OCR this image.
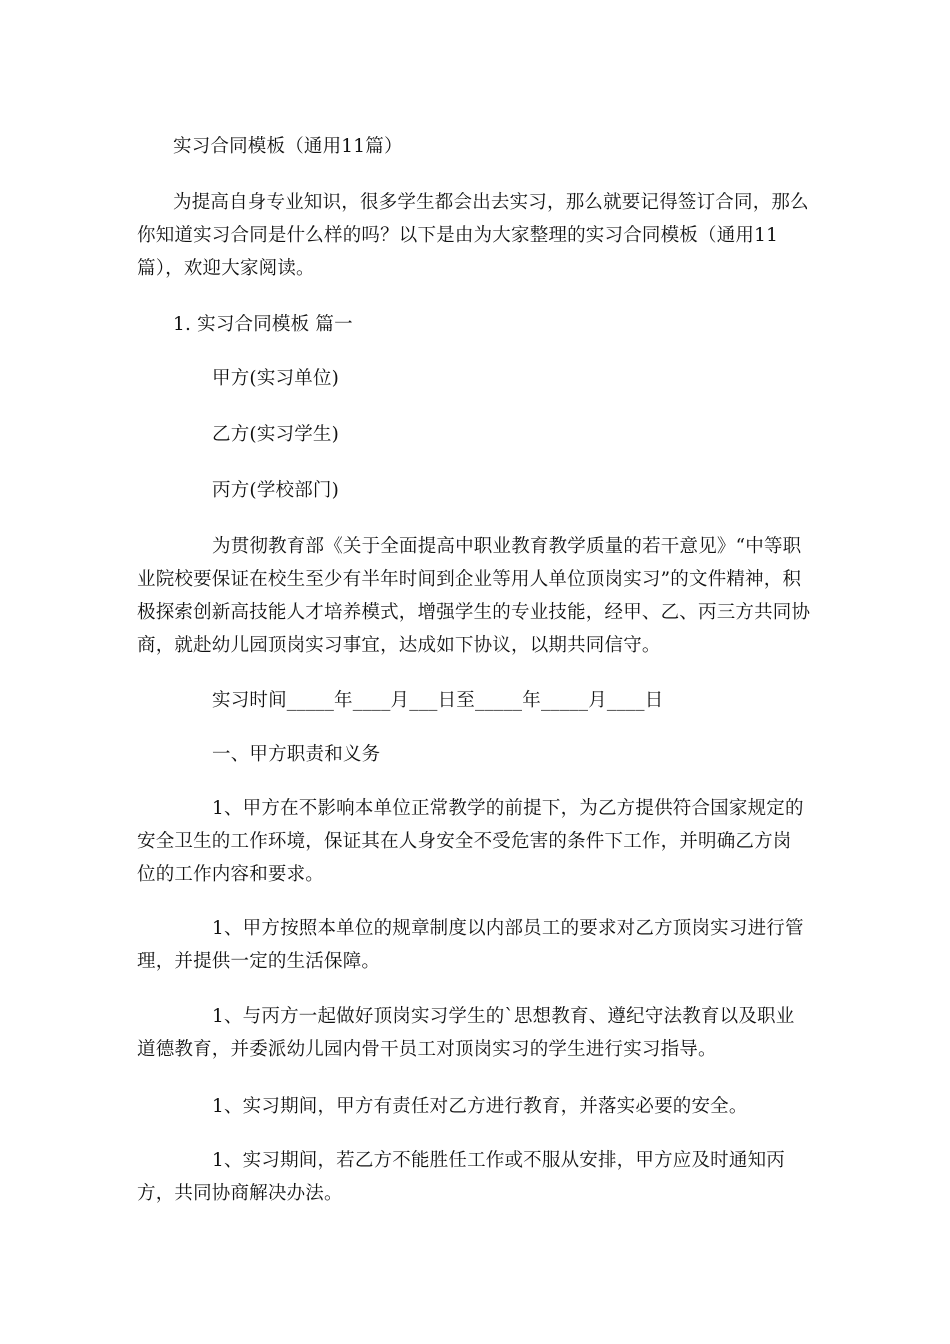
实习合同模板（通用11篇）

为提高自身专业知识，很多学生都会出去实习，那么就要记得签订合同，那么你知道实习合同是什么样的吗？以下是由为大家整理的实习合同模板（通用11篇），欢迎大家阅读。

1. 实习合同模板 篇一

甲方(实习单位)

乙方(实习学生)

丙方(学校部门)

为贯彻教育部《关于全面提高中职业教育教学质量的若干意见》“中等职业院校要保证在校生至少有半年时间到企业等用人单位顶岗实习”的文件精神，积极探索创新高技能人才培养模式，增强学生的专业技能，经甲、乙、丙三方共同协商，就赴幼儿园顶岗实习事宜，达成如下协议，以期共同信守。

实习时间_____年____月___日至_____年_____月____日

一、甲方职责和义务

1、甲方在不影响本单位正常教学的前提下，为乙方提供符合国家规定的安全卫生的工作环境，保证其在人身安全不受危害的条件下工作，并明确乙方岗位的工作内容和要求。

1、甲方按照本单位的规章制度以内部员工的要求对乙方顶岗实习进行管理，并提供一定的生活保障。

1、与丙方一起做好顶岗实习学生的`思想教育、遵纪守法教育以及职业道德教育，并委派幼儿园内骨干员工对顶岗实习的学生进行实习指导。

1、实习期间，甲方有责任对乙方进行教育，并落实必要的安全。

1、实习期间，若乙方不能胜任工作或不服从安排，甲方应及时通知丙方，共同协商解决办法。
